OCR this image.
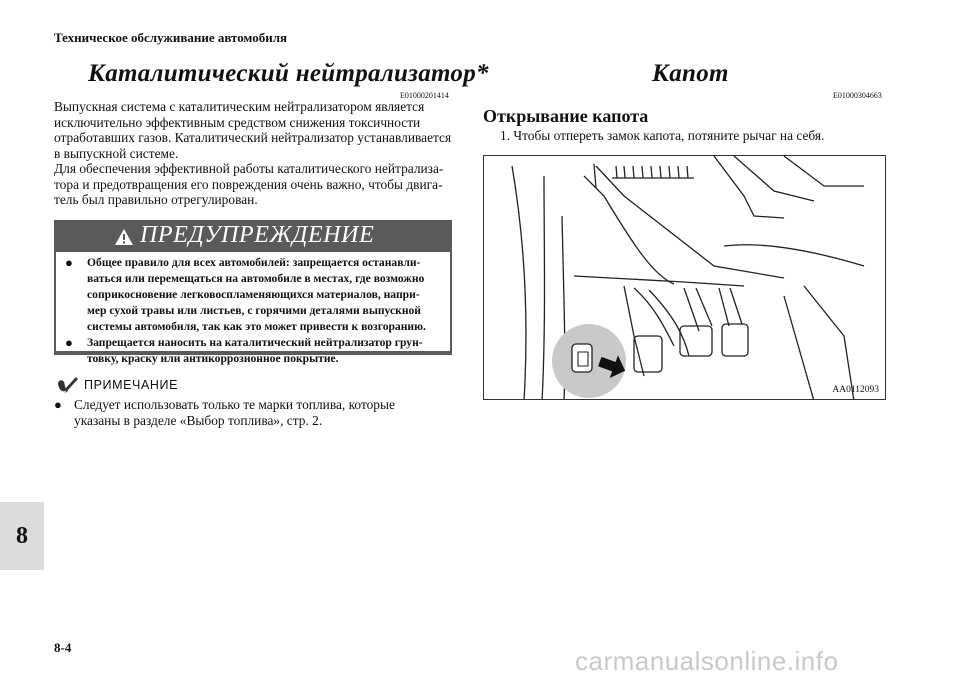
Техническое обслуживание автомобиля
Каталитический нейтрализатор*
E01000201414
Выпускная система с каталитическим нейтрализатором является
исключительно эффективным средством снижения токсичности
отработавших газов. Каталитический нейтрализатор устанавливается
в выпускной системе.
Для обеспечения эффективной работы каталитического нейтрализа-
тора и предотвращения его повреждения очень важно, чтобы двига-
тель был правильно отрегулирован.
ПРЕДУПРЕЖДЕНИЕ
● Общее правило для всех автомобилей: запрещается останавли-
ваться или перемещаться на автомобиле в местах, где возможно
соприкосновение легковоспламеняющихся материалов, напри-
мер сухой травы или листьев, с горячими деталями выпускной
системы автомобиля, так как это может привести к возгоранию.
● Запрещается наносить на каталитический нейтрализатор грун-
товку, краску или антикоррозионное покрытие.
ПРИМЕЧАНИЕ
● Следует использовать только те марки топлива, которые
указаны в разделе «Выбор топлива», стр. 2.
Капот
E01000304663
Открывание капота
1. Чтобы отпереть замок капота, потяните рычаг на себя.
AA0112093
8
8-4	carmanualsonline.info
